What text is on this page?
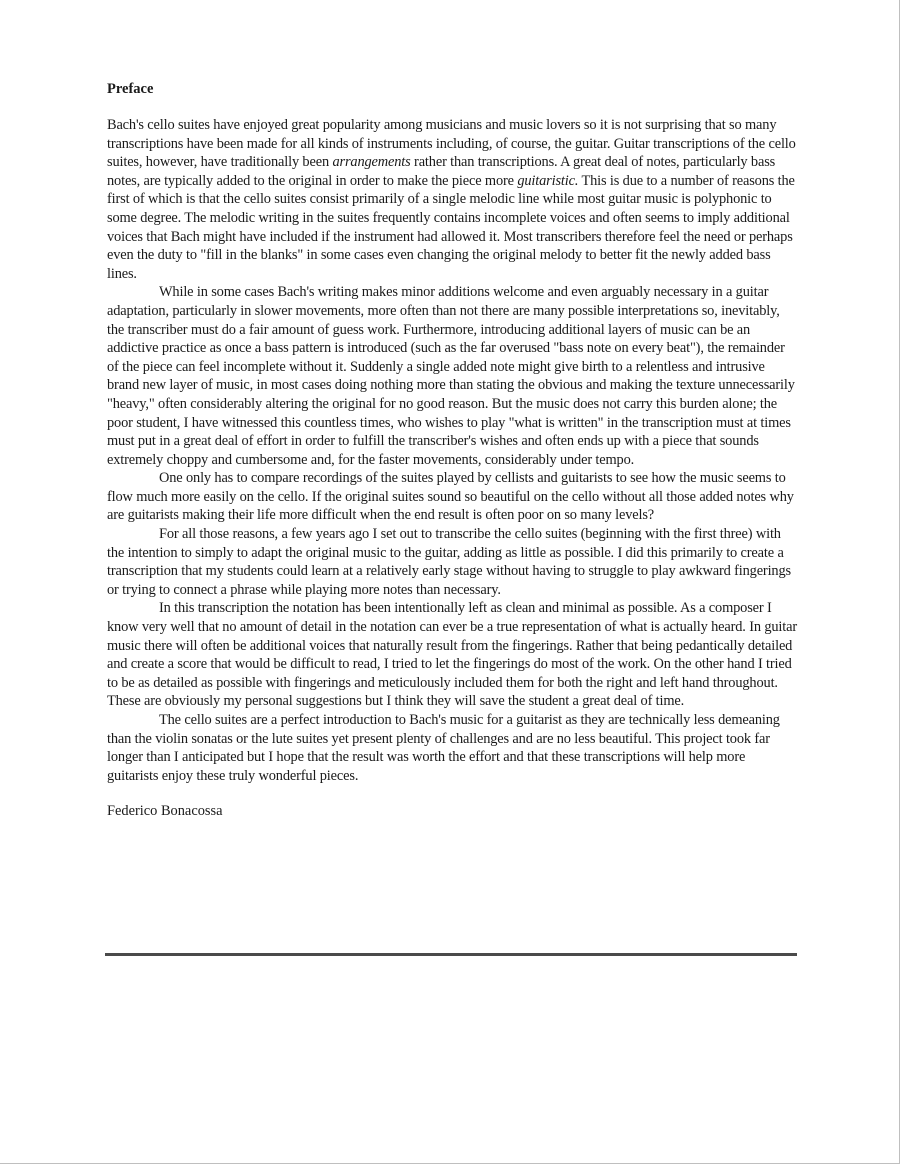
Preface

Bach's cello suites have enjoyed great popularity among musicians and music lovers so it is not surprising that so many transcriptions have been made for all kinds of instruments including, of course, the guitar. Guitar transcriptions of the cello suites, however, have traditionally been arrangements rather than transcriptions. A great deal of notes, particularly bass notes, are typically added to the original in order to make the piece more guitaristic. This is due to a number of reasons the first of which is that the cello suites consist primarily of a single melodic line while most guitar music is polyphonic to some degree. The melodic writing in the suites frequently contains incomplete voices and often seems to imply additional voices that Bach might have included if the instrument had allowed it. Most transcribers therefore feel the need or perhaps even the duty to "fill in the blanks" in some cases even changing the original melody to better fit the newly added bass lines.

While in some cases Bach's writing makes minor additions welcome and even arguably necessary in a guitar adaptation, particularly in slower movements, more often than not there are many possible interpretations so, inevitably, the transcriber must do a fair amount of guess work. Furthermore, introducing additional layers of music can be an addictive practice as once a bass pattern is introduced (such as the far overused "bass note on every beat"), the remainder of the piece can feel incomplete without it. Suddenly a single added note might give birth to a relentless and intrusive brand new layer of music, in most cases doing nothing more than stating the obvious and making the texture unnecessarily "heavy," often considerably altering the original for no good reason. But the music does not carry this burden alone; the poor student, I have witnessed this countless times, who wishes to play "what is written" in the transcription must at times must put in a great deal of effort in order to fulfill the transcriber's wishes and often ends up with a piece that sounds extremely choppy and cumbersome and, for the faster movements, considerably under tempo.

One only has to compare recordings of the suites played by cellists and guitarists to see how the music seems to flow much more easily on the cello. If the original suites sound so beautiful on the cello without all those added notes why are guitarists making their life more difficult when the end result is often poor on so many levels?

For all those reasons, a few years ago I set out to transcribe the cello suites (beginning with the first three) with the intention to simply to adapt the original music to the guitar, adding as little as possible. I did this primarily to create a transcription that my students could learn at a relatively early stage without having to struggle to play awkward fingerings or trying to connect a phrase while playing more notes than necessary.

In this transcription the notation has been intentionally left as clean and minimal as possible. As a composer I know very well that no amount of detail in the notation can ever be a true representation of what is actually heard. In guitar music there will often be additional voices that naturally result from the fingerings. Rather that being pedantically detailed and create a score that would be difficult to read, I tried to let the fingerings do most of the work. On the other hand I tried to be as detailed as possible with fingerings and meticulously included them for both the right and left hand throughout. These are obviously my personal suggestions but I think they will save the student a great deal of time.

The cello suites are a perfect introduction to Bach's music for a guitarist as they are technically less demeaning than the violin sonatas or the lute suites yet present plenty of challenges and are no less beautiful. This project took far longer than I anticipated but I hope that the result was worth the effort and that these transcriptions will help more guitarists enjoy these truly wonderful pieces.

Federico Bonacossa
